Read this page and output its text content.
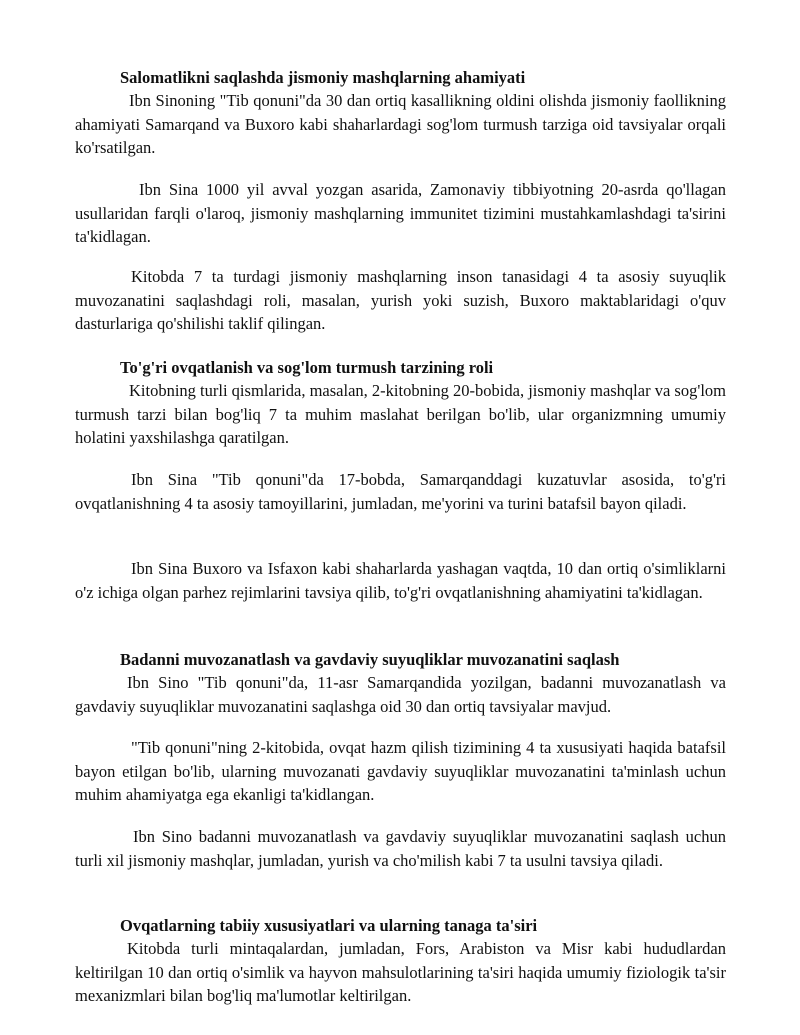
Salomatlikni saqlashda jismoniy mashqlarning ahamiyati

Ibn Sinoning "Tib qonuni"da 30 dan ortiq kasallikning oldini olishda jismoniy faollikning ahamiyati Samarqand va Buxoro kabi shaharlardagi sog'lom turmush tarziga oid tavsiyalar orqali ko'rsatilgan.

Ibn Sina 1000 yil avval yozgan asarida, Zamonaviy tibbiyotning 20-asrda qo'llagan usullaridan farqli o'laroq, jismoniy mashqlarning immunitet tizimini mustahkamlashdagi ta'sirini ta'kidlagan.

Kitobda 7 ta turdagi jismoniy mashqlarning inson tanasidagi 4 ta asosiy suyuqlik muvozanatini saqlashdagi roli, masalan, yurish yoki suzish, Buxoro maktablaridagi o'quv dasturlariga qo'shilishi taklif qilingan.

To'g'ri ovqatlanish va sog'lom turmush tarzining roli

Kitobning turli qismlarida, masalan, 2-kitobning 20-bobida, jismoniy mashqlar va sog'lom turmush tarzi bilan bog'liq 7 ta muhim maslahat berilgan bo'lib, ular organizmning umumiy holatini yaxshilashga qaratilgan.

Ibn Sina "Tib qonuni"da 17-bobda, Samarqanddagi kuzatuvlar asosida, to'g'ri ovqatlanishning 4 ta asosiy tamoyillarini, jumladan, me'yorini va turini batafsil bayon qiladi.

Ibn Sina Buxoro va Isfaxon kabi shaharlarda yashagan vaqtda, 10 dan ortiq o'simliklarni o'z ichiga olgan parhez rejimlarini tavsiya qilib, to'g'ri ovqatlanishning ahamiyatini ta'kidlagan.

Badanni muvozanatlash va gavdaviy suyuqliklar muvozanatini saqlash

Ibn Sino "Tib qonuni"da, 11-asr Samarqandida yozilgan, badanni muvozanatlash va gavdaviy suyuqliklar muvozanatini saqlashga oid 30 dan ortiq tavsiyalar mavjud.

"Tib qonuni"ning 2-kitobida, ovqat hazm qilish tizimining 4 ta xususiyati haqida batafsil bayon etilgan bo'lib, ularning muvozanati gavdaviy suyuqliklar muvozanatini ta'minlash uchun muhim ahamiyatga ega ekanligi ta'kidlangan.

Ibn Sino badanni muvozanatlash va gavdaviy suyuqliklar muvozanatini saqlash uchun turli xil jismoniy mashqlar, jumladan, yurish va cho'milish kabi 7 ta usulni tavsiya qiladi.

Ovqatlarning tabiiy xususiyatlari va ularning tanaga ta'siri

Kitobda turli mintaqalardan, jumladan, Fors, Arabiston va Misr kabi hududlardan keltirilgan 10 dan ortiq o'simlik va hayvon mahsulotlarining ta'siri haqida umumiy fiziologik ta'sir mexanizmlari bilan bog'liq ma'lumotlar keltirilgan.
